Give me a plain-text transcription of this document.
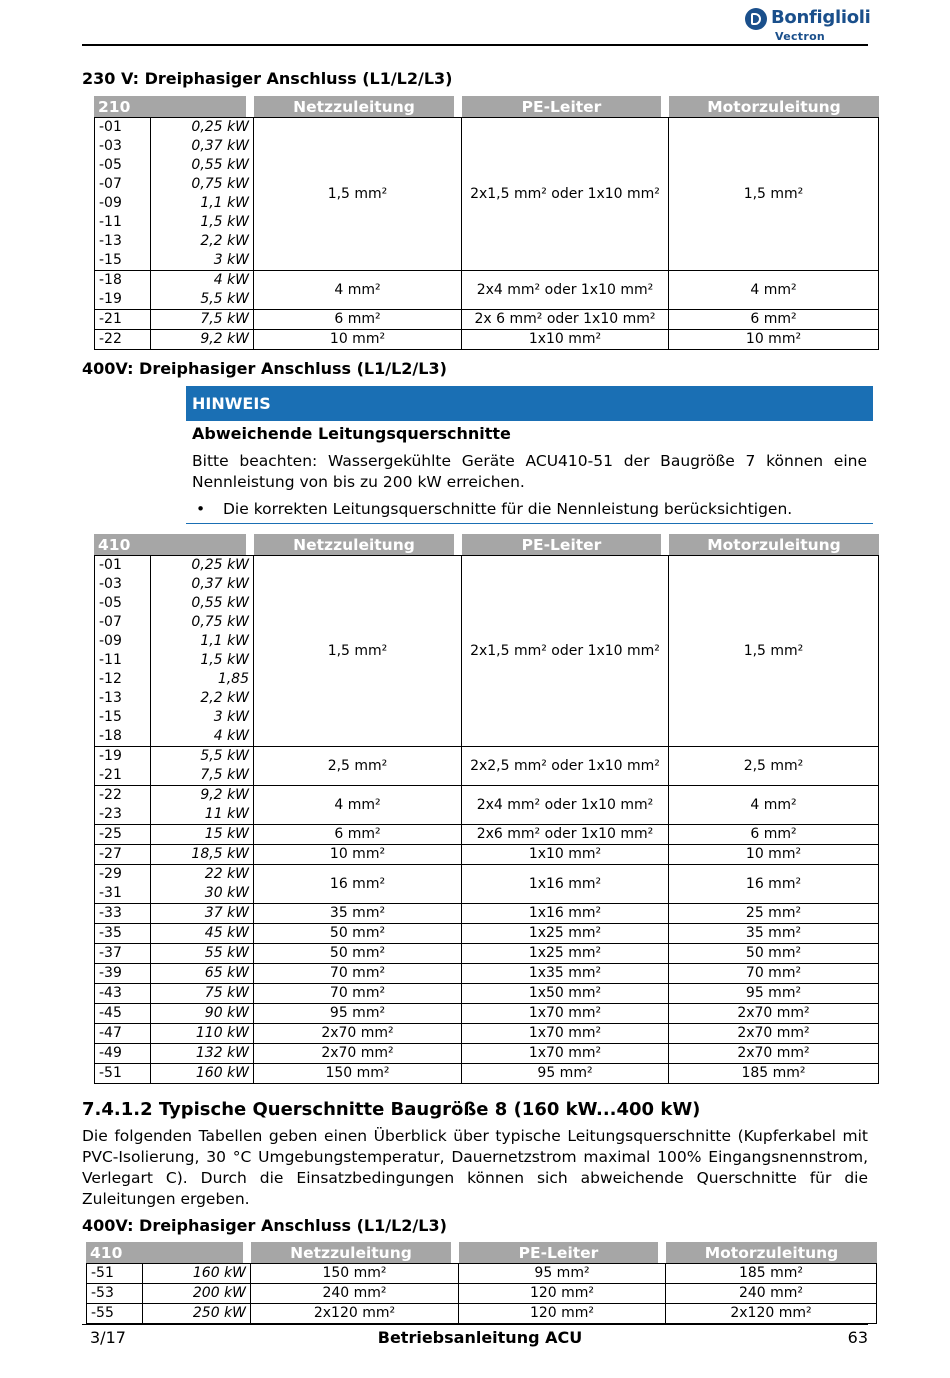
Bonfiglioli
Vectron
230 V: Dreiphasiger Anschluss (L1/L2/L3)
210		Netzzuleitung	PE-Leiter	Motorzuleitung
-01	0,25 kW	1,5 mm²	2x1,5 mm² oder 1x10 mm²	1,5 mm²
-03	0,37 kW			
-05	0,55 kW			
-07	0,75 kW			
-09	1,1 kW			
-11	1,5 kW			
-13	2,2 kW			
-15	3 kW			
-18	4 kW	4 mm²	2x4 mm² oder 1x10 mm²	4 mm²
-19	5,5 kW			
-21	7,5 kW	6 mm²	2x 6 mm² oder 1x10 mm²	6 mm²
-22	9,2 kW	10 mm²	1x10 mm²	10 mm²
400V: Dreiphasiger Anschluss (L1/L2/L3)
HINWEIS
Abweichende Leitungsquerschnitte
Bitte beachten: Wassergekühlte Geräte ACU410-51 der Baugröße 7 können eine Nennleistung von bis zu 200 kW erreichen.
• Die korrekten Leitungsquerschnitte für die Nennleistung berücksichtigen.
410		Netzzuleitung	PE-Leiter	Motorzuleitung
-01	0,25 kW	1,5 mm²	2x1,5 mm² oder 1x10 mm²	1,5 mm²
-03	0,37 kW			
-05	0,55 kW			
-07	0,75 kW			
-09	1,1 kW			
-11	1,5 kW			
-12	1,85			
-13	2,2 kW			
-15	3 kW			
-18	4 kW			
-19	5,5 kW	2,5 mm²	2x2,5 mm² oder 1x10 mm²	2,5 mm²
-21	7,5 kW			
-22	9,2 kW	4 mm²	2x4 mm² oder 1x10 mm²	4 mm²
-23	11 kW			
-25	15 kW	6 mm²	2x6 mm² oder 1x10 mm²	6 mm²
-27	18,5 kW	10 mm²	1x10 mm²	10 mm²
-29	22 kW	16 mm²	1x16 mm²	16 mm²
-31	30 kW			
-33	37 kW	35 mm²	1x16 mm²	25 mm²
-35	45 kW	50 mm²	1x25 mm²	35 mm²
-37	55 kW	50 mm²	1x25 mm²	50 mm²
-39	65 kW	70 mm²	1x35 mm²	70 mm²
-43	75 kW	70 mm²	1x50 mm²	95 mm²
-45	90 kW	95 mm²	1x70 mm²	2x70 mm²
-47	110 kW	2x70 mm²	1x70 mm²	2x70 mm²
-49	132 kW	2x70 mm²	1x70 mm²	2x70 mm²
-51	160 kW	150 mm²	95 mm²	185 mm²
7.4.1.2 Typische Querschnitte Baugröße 8 (160 kW...400 kW)
Die folgenden Tabellen geben einen Überblick über typische Leitungsquerschnitte (Kupferkabel mit PVC-Isolierung, 30 °C Umgebungstemperatur, Dauernetzstrom maximal 100% Eingangsnennstrom, Verlegart C). Durch die Einsatzbedingungen können sich abweichende Querschnitte für die Zuleitungen ergeben.
400V: Dreiphasiger Anschluss (L1/L2/L3)
410		Netzzuleitung	PE-Leiter	Motorzuleitung
-51	160 kW	150 mm²	95 mm²	185 mm²
-53	200 kW	240 mm²	120 mm²	240 mm²
-55	250 kW	2x120 mm²	120 mm²	2x120 mm²
3/17	Betriebsanleitung ACU	63
